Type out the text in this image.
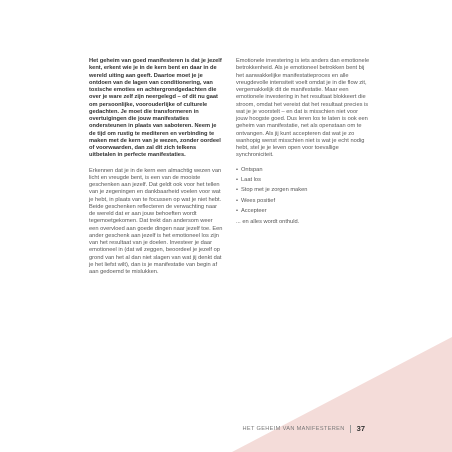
Het geheim van goed manifesteren is dat je jezelf kent, erkent wie je in de kern bent en daar in de wereld uiting aan geeft. Daartoe moet je je ontdoen van de lagen van conditionering, van toxische emoties en achtergrondgedachten die over je ware zelf zijn neergelegd – of dit nu gaat om persoonlijke, voorouderlijke of culturele gedachten. Je moet die transformeren in overtuigingen die jouw manifestaties ondersteunen in plaats van saboteren. Neem je de tijd om rustig te mediteren en verbinding te maken met de kern van je wezen, zonder oordeel of voorwaarden, dan zal dit zich telkens uitbetalen in perfecte manifestaties.

Erkennen dat je in de kern een almachtig wezen van licht en vreugde bent, is een van de mooiste geschenken aan jezelf. Dat geldt ook voor het tellen van je zegeningen en dankbaarheid voelen voor wat je hebt, in plaats van te focussen op wat je niet hebt. Beide geschenken reflecteren de verwachting naar de wereld dat er aan jouw behoeften wordt tegemoetgekomen. Dat trekt dan andersom weer een overvloed aan goede dingen naar jezelf toe. Een ander geschenk aan jezelf is het emotioneel los zijn van het resultaat van je doelen. Investeer je daar emotioneel in (dat wil zeggen, beoordeel je jezelf op grond van het al dan niet slagen van wat jij denkt dat je het liefst wilt), dan is je manifestatie van begin af aan gedoemd te mislukken.

Emotionele investering is iets anders dan emotionele betrokkenheid. Als je emotioneel betrokken bent bij het aanwakkelijke manifestatieproces en alle vreugdevolle intensiteit voelt omdat je in die flow zit, vergemakkelijk dit de manifestatie. Maar een emotionele investering in het resultaat blokkeert die stroom, omdat het vereist dat het resultaat precies is wat je je voorstelt – en dat is misschien niet voor jouw hoogste goed. Dus leren los te laten is ook een geheim van manifestatie, net als openstaan om te ontvangen. Als jij kunt accepteren dat wat je zo wanhopig wenst misschien niet is wat je echt nodig hebt, stel je je leven open voor toevallige synchroniciteit.

• Ontspan
• Laat los
• Stop met je zorgen maken
• Wees positief
• Accepteer

... en alles wordt onthuld.

HET GEHEIM VAN MANIFESTEREN 37
